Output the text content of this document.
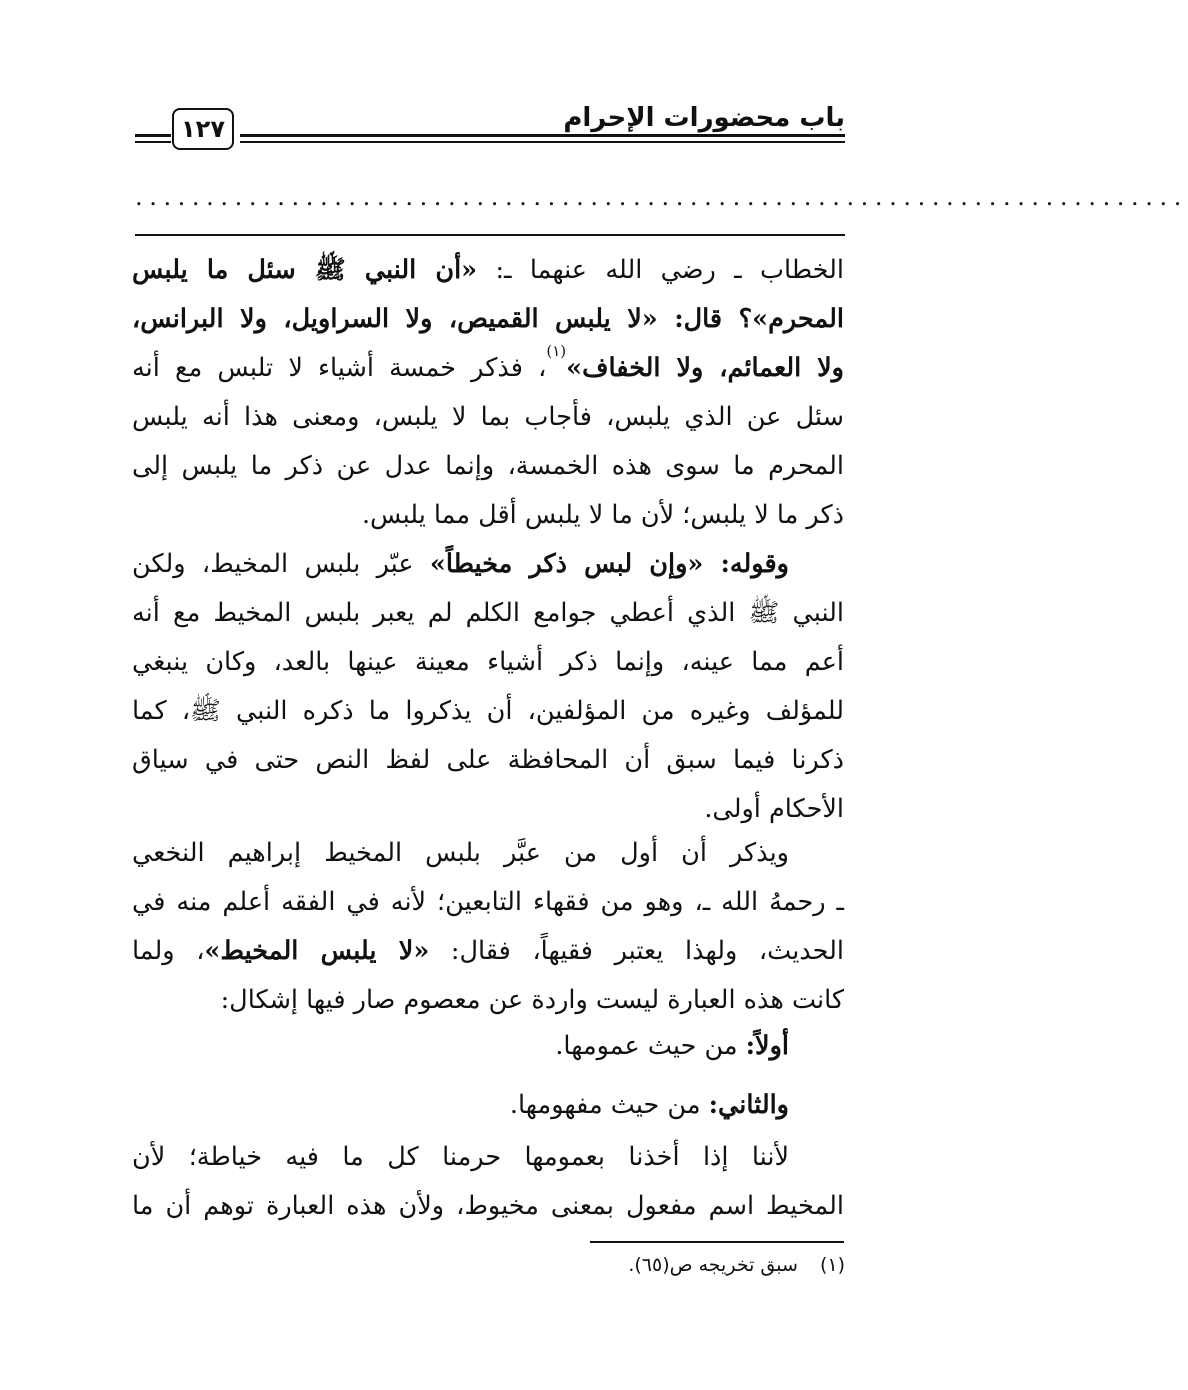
باب محضورات الإحرام
١٢٧
..........................................................................
الخطاب ـ رضي الله عنهما ـ: «أن النبي ﷺ سئل ما يلبس
المحرم»؟ قال: «لا يلبس القميص، ولا السراويل، ولا البرانس،
ولا العمائم، ولا الخفاف»$^{(١)}$، فذكر خمسة أشياء لا تلبس مع أنه
سئل عن الذي يلبس، فأجاب بما لا يلبس، ومعنى هذا أنه يلبس
المحرم ما سوى هذه الخمسة، وإنما عدل عن ذكر ما يلبس إلى
ذكر ما لا يلبس؛ لأن ما لا يلبس أقل مما يلبس.
وقوله: «وإن لبس ذكر مخيطاً» عبّر بلبس المخيط، ولكن
النبي ﷺ الذي أعطي جوامع الكلم لم يعبر بلبس المخيط مع أنه
أعم مما عينه، وإنما ذكر أشياء معينة عينها بالعد، وكان ينبغي
للمؤلف وغيره من المؤلفين، أن يذكروا ما ذكره النبي ﷺ، كما
ذكرنا فيما سبق أن المحافظة على لفظ النص حتى في سياق
الأحكام أولى.
ويذكر أن أول من عبَّر بلبس المخيط إبراهيم النخعي
ـ رحمهُ الله ـ، وهو من فقهاء التابعين؛ لأنه في الفقه أعلم منه في
الحديث، ولهذا يعتبر فقيهاً، فقال: «لا يلبس المخيط»، ولما
كانت هذه العبارة ليست واردة عن معصوم صار فيها إشكال:
أولاً: من حيث عمومها.
والثاني: من حيث مفهومها.
لأننا إذا أخذنا بعمومها حرمنا كل ما فيه خياطة؛ لأن
المخيط اسم مفعول بمعنى مخيوط، ولأن هذه العبارة توهم أن ما
(١)سبق تخريجه ص(٦٥).
